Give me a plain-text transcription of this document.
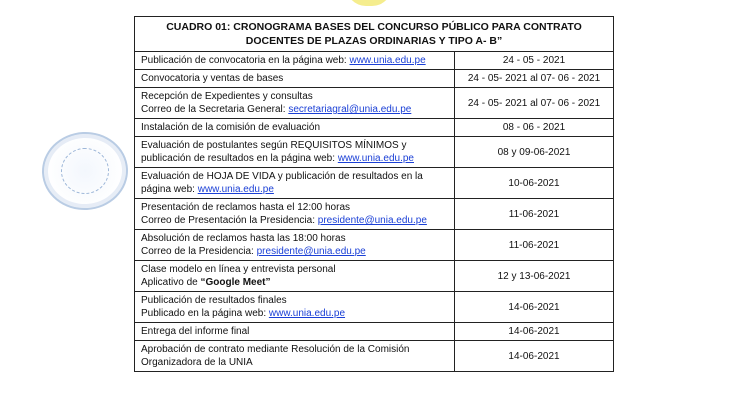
CUADRO 01: CRONOGRAMA BASES DEL CONCURSO PÚBLICO PARA CONTRATO DOCENTES DE PLAZAS ORDINARIAS Y TIPO A- B”	
Publicación de convocatoria en la página web: www.unia.edu.pe	24 - 05 - 2021
Convocatoria y ventas de bases	24 - 05- 2021 al 07- 06 - 2021

Recepción de Expedientes y consultas
Correo de la Secretaria General: secretariagral@unia.edu.pe	24 - 05- 2021 al 07- 06 - 2021
Instalación de la comisión de evaluación	08 - 06 - 2021

Evaluación de postulantes según REQUISITOS MÍNIMOS y
publicación de resultados en la página web: www.unia.edu.pe	08 y 09-06-2021

Evaluación de HOJA DE VIDA y publicación de resultados en la
página web: www.unia.edu.pe	10-06-2021

Presentación de reclamos hasta el 12:00 horas
Correo de Presentación la Presidencia: presidente@unia.edu.pe	11-06-2021

Absolución de reclamos hasta las 18:00 horas
Correo de la Presidencia: presidente@unia.edu.pe	11-06-2021

Clase modelo en línea y entrevista personal
Aplicativo de “Google Meet”	12 y 13-06-2021

Publicación de resultados finales
Publicado en la página web: www.unia.edu.pe	14-06-2021
Entrega del informe final	14-06-2021

Aprobación de contrato mediante Resolución de la Comisión
Organizadora de la UNIA	14-06-2021
